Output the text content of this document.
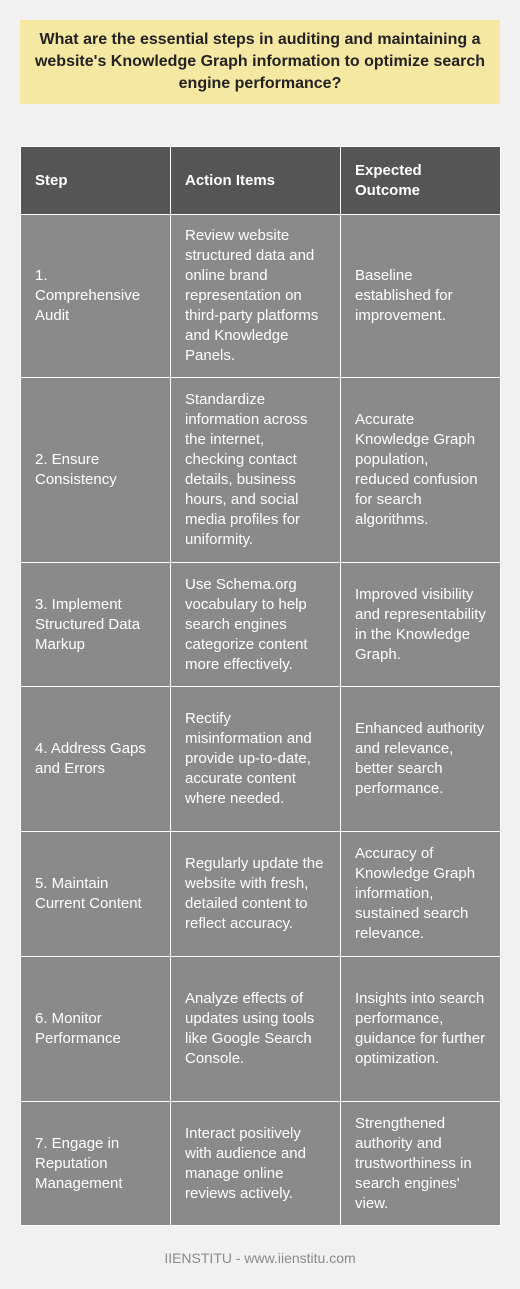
What are the essential steps in auditing and maintaining a website's Knowledge Graph information to optimize search engine performance?
Step	Action Items	Expected Outcome
1. Comprehensive Audit	Review website structured data and online brand representation on third-party platforms and Knowledge Panels.	Baseline established for improvement.
2. Ensure Consistency	Standardize information across the internet, checking contact details, business hours, and social media profiles for uniformity.	Accurate Knowledge Graph population, reduced confusion for search algorithms.
3. Implement Structured Data Markup	Use Schema.org vocabulary to help search engines categorize content more effectively.	Improved visibility and representability in the Knowledge Graph.
4. Address Gaps and Errors	Rectify misinformation and provide up-to-date, accurate content where needed.	Enhanced authority and relevance, better search performance.
5. Maintain Current Content	Regularly update the website with fresh, detailed content to reflect accuracy.	Accuracy of Knowledge Graph information, sustained search relevance.
6. Monitor Performance	Analyze effects of updates using tools like Google Search Console.	Insights into search performance, guidance for further optimization.
7. Engage in Reputation Management	Interact positively with audience and manage online reviews actively.	Strengthened authority and trustworthiness in search engines' view.
IIENSTITU - www.iienstitu.com
